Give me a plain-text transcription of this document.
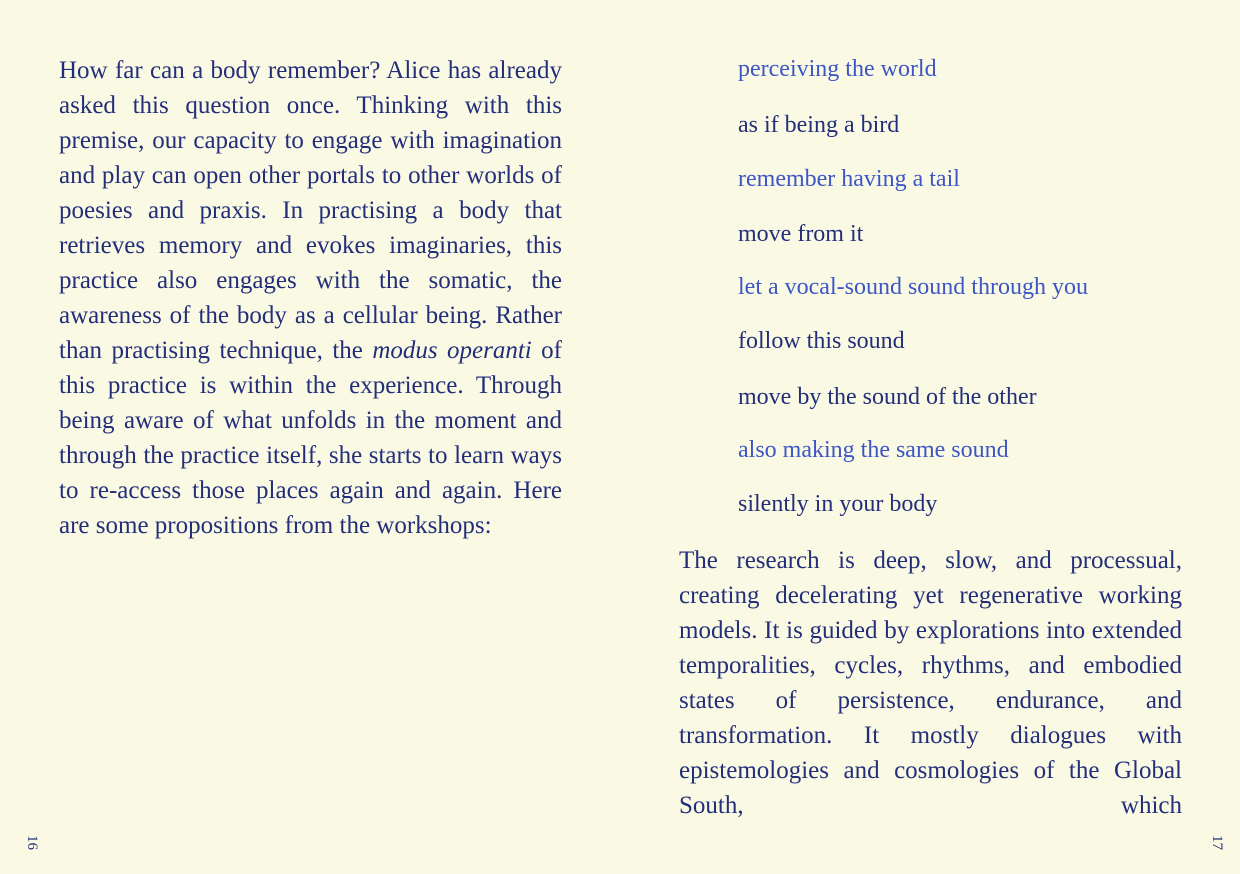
How far can a body remember? Alice has already asked this question once. Thinking with this premise, our capacity to engage with imagination and play can open other portals to other worlds of poesies and praxis. In practising a body that retrieves memory and evokes imaginaries, this practice also engages with the somatic, the awareness of the body as a cellular being. Rather than practising technique, the modus operanti of this practice is within the experience. Through being aware of what unfolds in the moment and through the practice itself, she starts to learn ways to re-access those places again and again. Here are some propositions from the workshops:

16
perceiving the world
as if being a bird
remember having a tail
move from it
let a vocal-sound sound through you
follow this sound
move by the sound of the other
also making the same sound
silently in your body

The research is deep, slow, and processual, creating decelerating yet regenerative working models. It is guided by explorations into extended temporalities, cycles, rhythms, and embodied states of persistence, endurance, and transformation. It mostly dialogues with epistemologies and cosmologies of the Global South, which

17
